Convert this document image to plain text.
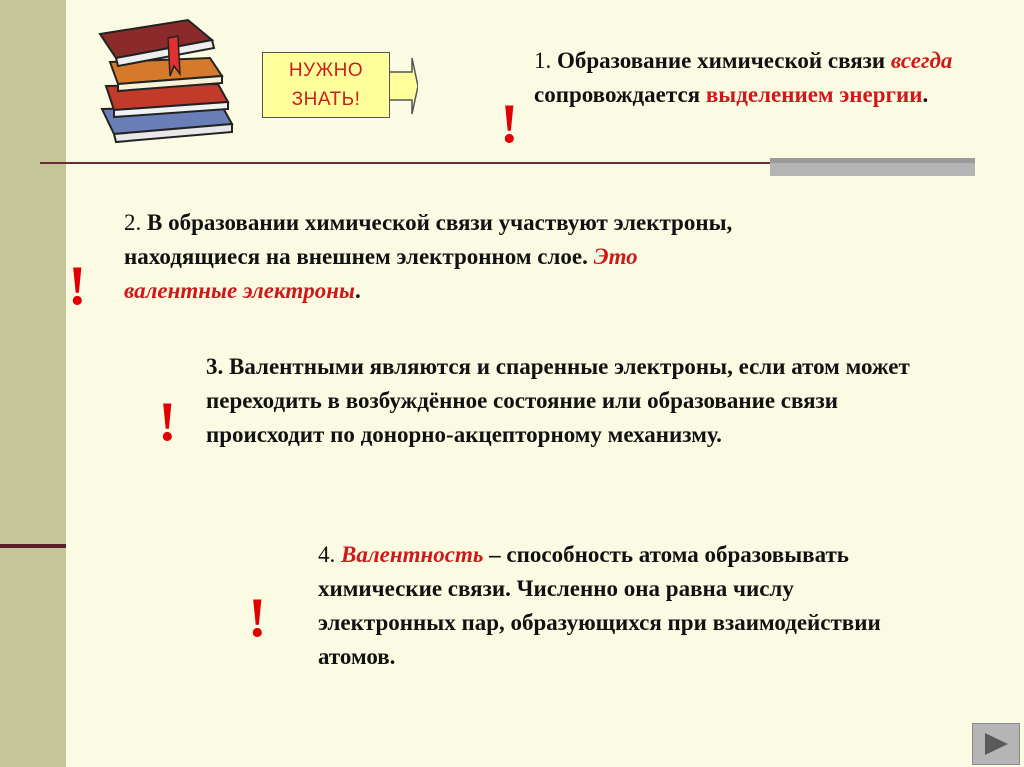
НУЖНО
ЗНАТЬ! !

1. Образование химической связи всегда сопровождается выделением энергии.

!

2. В образовании химической связи участвуют электроны, находящиеся на внешнем электронном слое. Это валентные электроны.

!

3. Валентными являются и спаренные электроны, если атом может переходить в возбуждённое состояние или образование связи происходит по донорно-акцепторному механизму.

!

4. Валентность – способность атома образовывать химические связи. Численно она равна числу электронных пар, образующихся при взаимодействии атомов.
